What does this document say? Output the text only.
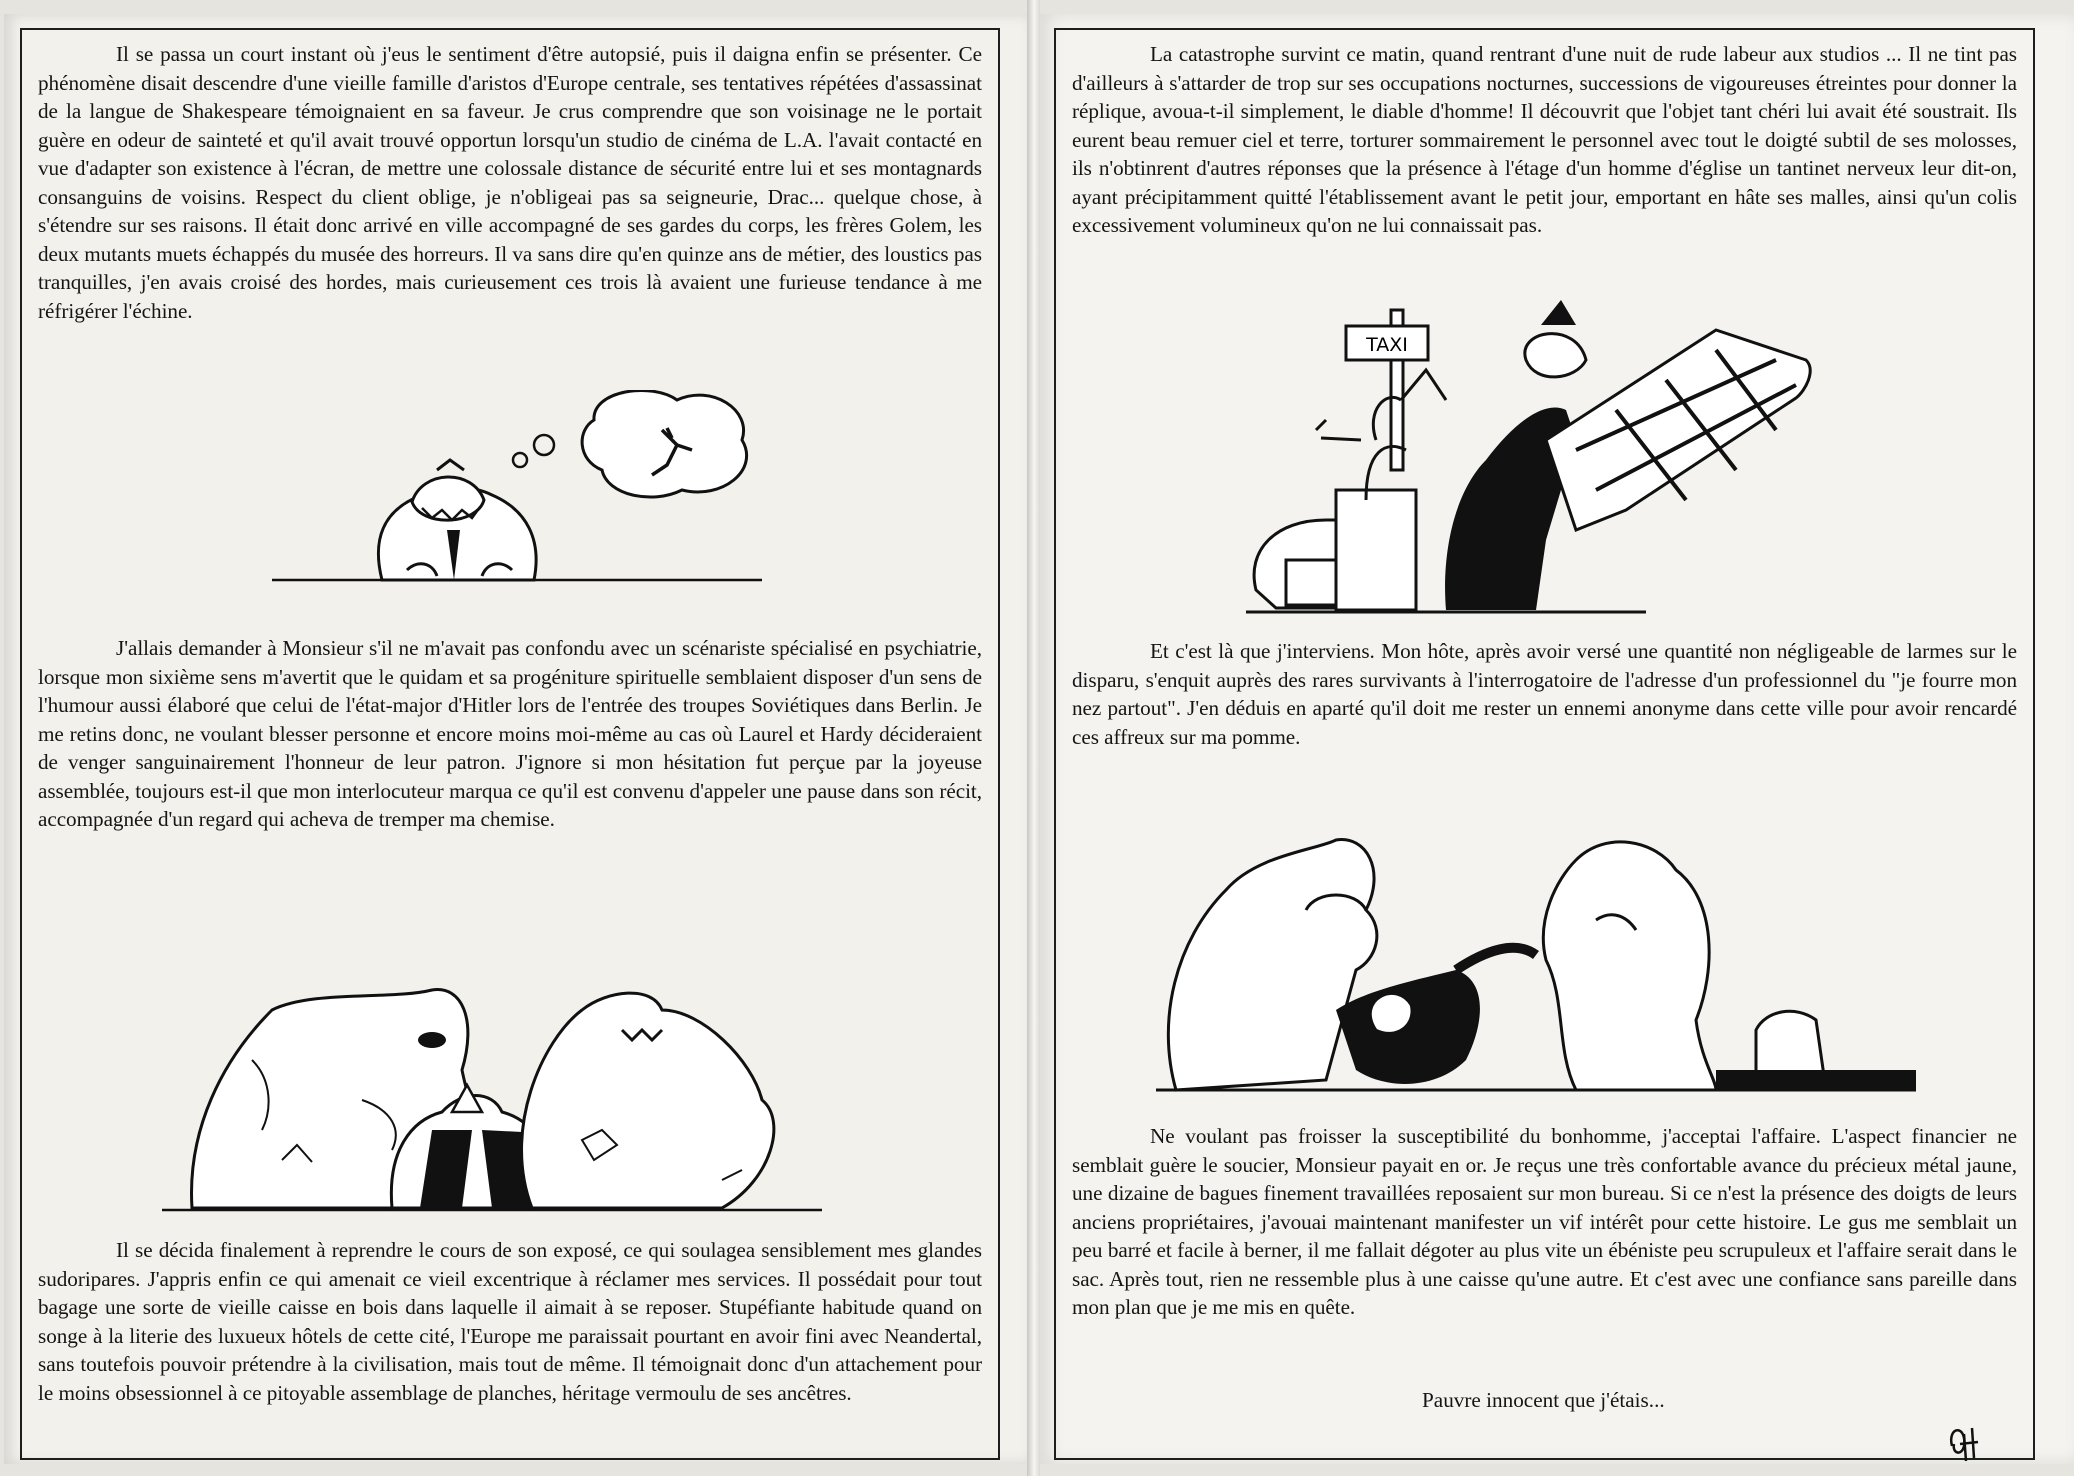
Il se passa un court instant où j'eus le sentiment d'être autopsié, puis il daigna enfin se présenter. Ce phénomène disait descendre d'une vieille famille d'aristos d'Europe centrale, ses tentatives répétées d'assassinat de la langue de Shakespeare témoignaient en sa faveur. Je crus comprendre que son voisinage ne le portait guère en odeur de sainteté et qu'il avait trouvé opportun lorsqu'un studio de cinéma de L.A. l'avait contacté en vue d'adapter son existence à l'écran, de mettre une colossale distance de sécurité entre lui et ses montagnards consanguins de voisins. Respect du client oblige, je n'obligeai pas sa seigneurie, Drac... quelque chose, à s'étendre sur ses raisons. Il était donc arrivé en ville accompagné de ses gardes du corps, les frères Golem, les deux mutants muets échappés du musée des horreurs. Il va sans dire qu'en quinze ans de métier, des loustics pas tranquilles, j'en avais croisé des hordes, mais curieusement ces trois là avaient une furieuse tendance à me réfrigérer l'échine.

J'allais demander à Monsieur s'il ne m'avait pas confondu avec un scénariste spécialisé en psychiatrie, lorsque mon sixième sens m'avertit que le quidam et sa progéniture spirituelle semblaient disposer d'un sens de l'humour aussi élaboré que celui de l'état-major d'Hitler lors de l'entrée des troupes Soviétiques dans Berlin. Je me retins donc, ne voulant blesser personne et encore moins moi-même au cas où Laurel et Hardy décideraient de venger sanguinairement l'honneur de leur patron. J'ignore si mon hésitation fut perçue par la joyeuse assemblée, toujours est-il que mon interlocuteur marqua ce qu'il est convenu d'appeler une pause dans son récit, accompagnée d'un regard qui acheva de tremper ma chemise.

Il se décida finalement à reprendre le cours de son exposé, ce qui soulagea sensiblement mes glandes sudoripares. J'appris enfin ce qui amenait ce vieil excentrique à réclamer mes services. Il possédait pour tout bagage une sorte de vieille caisse en bois dans laquelle il aimait à se reposer. Stupéfiante habitude quand on songe à la literie des luxueux hôtels de cette cité, l'Europe me paraissait pourtant en avoir fini avec Neandertal, sans toutefois pouvoir prétendre à la civilisation, mais tout de même. Il témoignait donc d'un attachement pour le moins obsessionnel à ce pitoyable assemblage de planches, héritage vermoulu de ses ancêtres.

La catastrophe survint ce matin, quand rentrant d'une nuit de rude labeur aux studios ... Il ne tint pas d'ailleurs à s'attarder de trop sur ses occupations nocturnes, successions de vigoureuses étreintes pour donner la réplique, avoua-t-il simplement, le diable d'homme! Il découvrit que l'objet tant chéri lui avait été soustrait. Ils eurent beau remuer ciel et terre, torturer sommairement le personnel avec tout le doigté subtil de ses molosses, ils n'obtinrent d'autres réponses que la présence à l'étage d'un homme d'église un tantinet nerveux leur dit-on, ayant précipitamment quitté l'établissement avant le petit jour, emportant en hâte ses malles, ainsi qu'un colis excessivement volumineux qu'on ne lui connaissait pas.

TAXI

Et c'est là que j'interviens. Mon hôte, après avoir versé une quantité non négligeable de larmes sur le disparu, s'enquit auprès des rares survivants à l'interrogatoire de l'adresse d'un professionnel du "je fourre mon nez partout". J'en déduis en aparté qu'il doit me rester un ennemi anonyme dans cette ville pour avoir rencardé ces affreux sur ma pomme.

Ne voulant pas froisser la susceptibilité du bonhomme, j'acceptai l'affaire. L'aspect financier ne semblait guère le soucier, Monsieur payait en or. Je reçus une très confortable avance du précieux métal jaune, une dizaine de bagues finement travaillées reposaient sur mon bureau. Si ce n'est la présence des doigts de leurs anciens propriétaires, j'avouai maintenant manifester un vif intérêt pour cette histoire. Le gus me semblait un peu barré et facile à berner, il me fallait dégoter au plus vite un ébéniste peu scrupuleux et l'affaire serait dans le sac. Après tout, rien ne ressemble plus à une caisse qu'une autre. Et c'est avec une confiance sans pareille dans mon plan que je me mis en quête.

Pauvre innocent que j'étais...
